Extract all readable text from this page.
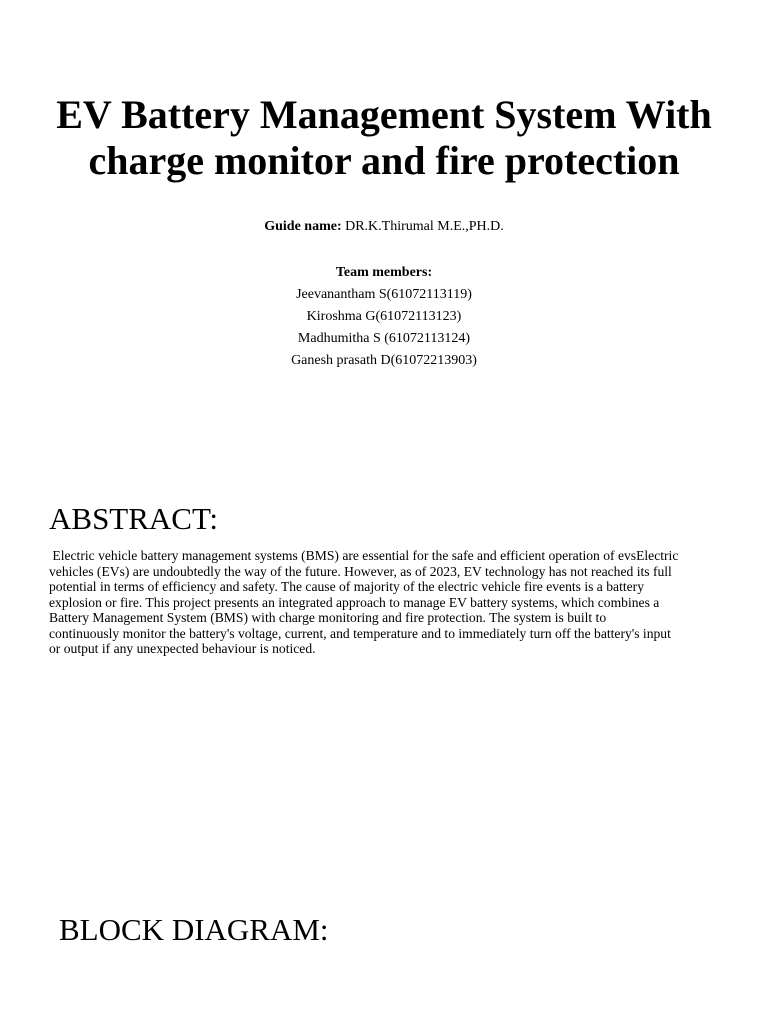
EV Battery Management System With charge monitor and fire protection
Guide name: DR.K.Thirumal M.E.,PH.D.
Team members:
Jeevanantham S(61072113119)
Kiroshma G(61072113123)
Madhumitha S (61072113124)
Ganesh prasath D(61072213903)
ABSTRACT:

Electric vehicle battery management systems (BMS) are essential for the safe and efficient operation of evsElectric vehicles (EVs) are undoubtedly the way of the future. However, as of 2023, EV technology has not reached its full potential in terms of efficiency and safety. The cause of majority of the electric vehicle fire events is a battery explosion or fire. This project presents an integrated approach to manage EV battery systems, which combines a Battery Management System (BMS) with charge monitoring and fire protection. The system is built to continuously monitor the battery's voltage, current, and temperature and to immediately turn off the battery's input or output if any unexpected behaviour is noticed.

BLOCK DIAGRAM:
